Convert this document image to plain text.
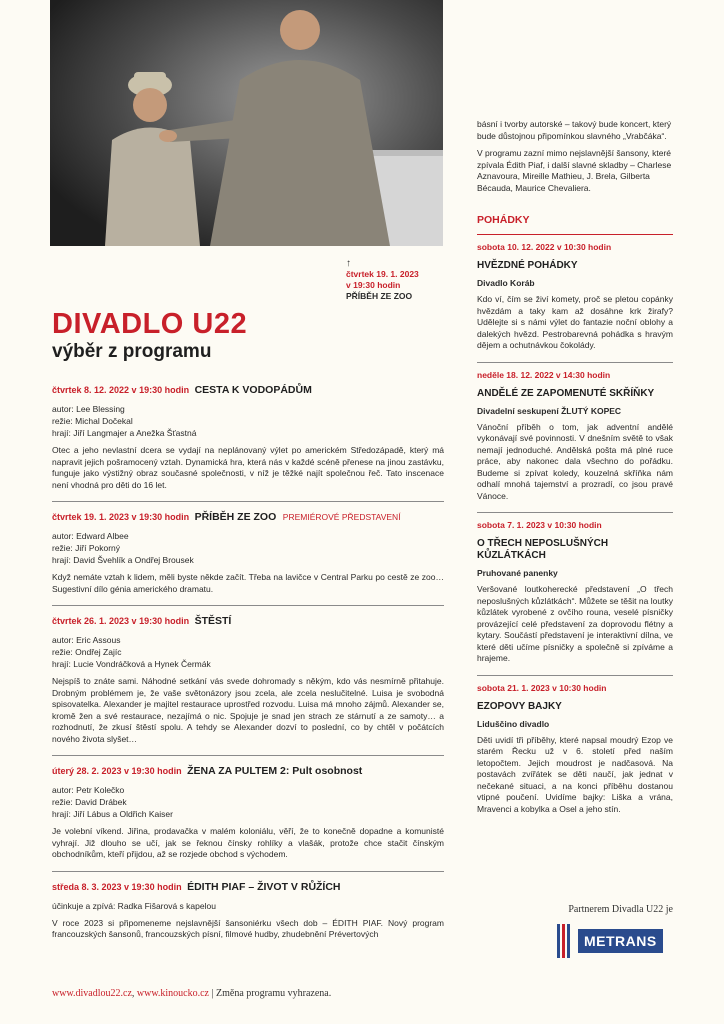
↑
čtvrtek 19. 1. 2023
v 19:30 hodin
PŘÍBĚH ZE ZOO
DIVADLO U22
výběr z programu
čtvrtek 8. 12. 2022 v 19:30 hodin CESTA K VODOPÁDŮM
autor: Lee Blessing
režie: Michal Dočekal
hrají: Jiří Langmajer a Anežka Šťastná
Otec a jeho nevlastní dcera se vydají na neplánovaný výlet po americkém Středozápadě, který má napravit jejich pošramocený vztah. Dynamická hra, která nás v každé scéně přenese na jinou zastávku, funguje jako výstižný obraz současné společnosti, v níž je těžké najít společnou řeč. Tato inscenace není vhodná pro děti do 16 let.
čtvrtek 19. 1. 2023 v 19:30 hodin PŘÍBĚH ZE ZOO PREMIÉROVÉ PŘEDSTAVENÍ
autor: Edward Albee
režie: Jiří Pokorný
hrají: David Švehlík a Ondřej Brousek
Když nemáte vztah k lidem, měli byste někde začít. Třeba na lavičce v Central Parku po cestě ze zoo… Sugestivní dílo génia amerického dramatu.
čtvrtek 26. 1. 2023 v 19:30 hodin ŠTĚSTÍ
autor: Eric Assous
režie: Ondřej Zajíc
hrají: Lucie Vondráčková a Hynek Čermák
Nejspíš to znáte sami. Náhodné setkání vás svede dohromady s někým, kdo vás nesmírně přitahuje. Drobným problémem je, že vaše světonázory jsou zcela, ale zcela neslučitelné. Luisa je svobodná spisovatelka. Alexander je majitel restaurace uprostřed rozvodu. Luisa má mnoho zájmů. Alexander se, kromě žen a své restaurace, nezajímá o nic. Spojuje je snad jen strach ze stárnutí a ze samoty… a rozhodnutí, že zkusí štěstí spolu. A tehdy se Alexander dozví to poslední, co by chtěl v počátcích nového života slyšet…
úterý 28. 2. 2023 v 19:30 hodin ŽENA ZA PULTEM 2: Pult osobnost
autor: Petr Kolečko
režie: David Drábek
hrají: Jiří Lábus a Oldřich Kaiser
Je volební víkend. Jiřina, prodavačka v malém koloniálu, věří, že to konečně dopadne a komunisté vyhrají. Již dlouho se učí, jak se řeknou čínsky rohlíky a vlašák, protože chce stačit čínským obchodníkům, kteří přijdou, až se rozjede obchod s východem.
středa 8. 3. 2023 v 19:30 hodin ÉDITH PIAF – ŽIVOT V RŮŽÍCH
účinkuje a zpívá: Radka Fišarová s kapelou
V roce 2023 si připomeneme nejslavnější šansoniérku všech dob – ÉDITH PIAF. Nový program francouzských šansonů, francouzských písní, filmové hudby, zhudebnění Prévertových
básní i tvorby autorské – takový bude koncert, který bude důstojnou připomínkou slavného „Vrabčáka“.
V programu zazní mimo nejslavnější šansony, které zpívala Édith Piaf, i další slavné skladby – Charlese Aznavoura, Mireille Mathieu, J. Brela, Gilberta Bécauda, Maurice Chevaliera.
POHÁDKY
sobota 10. 12. 2022 v 10:30 hodin
HVĚZDNÉ POHÁDKY
Divadlo Koráb
Kdo ví, čím se živí komety, proč se pletou copánky hvězdám a taky kam až dosáhne krk žirafy? Udělejte si s námi výlet do fantazie noční oblohy a dalekých hvězd. Pestrobarevná pohádka s hravým dějem a ochutnávkou čokolády.
neděle 18. 12. 2022 v 14:30 hodin
ANDĚLÉ ZE ZAPOMENUTÉ SKŘÍŇKY
Divadelní seskupení ŽLUTÝ KOPEC
Vánoční příběh o tom, jak adventní andělé vykonávají své povinnosti. V dnešním světě to však nemají jednoduché. Andělská pošta má plné ruce práce, aby nakonec dala všechno do pořádku. Budeme si zpívat koledy, kouzelná skříňka nám odhalí mnohá tajemství a prozradí, co jsou pravé Vánoce.
sobota 7. 1. 2023 v 10:30 hodin
O TŘECH NEPOSLUŠNÝCH KŮZLÁTKÁCH
Pruhované panenky
Veršované loutkoherecké představení „O třech neposlušných kůzlátkách“. Můžete se těšit na loutky kůzlátek vyrobené z ovčího rouna, veselé písničky provázející celé představení za doprovodu flétny a kytary. Součástí představení je interaktivní dílna, ve které děti učíme písničky a společně si zpíváme a hrajeme.
sobota 21. 1. 2023 v 10:30 hodin
EZOPOVY BAJKY
Liduščino divadlo
Děti uvidí tři příběhy, které napsal moudrý Ezop ve starém Řecku už v 6. století před naším letopočtem. Jejich moudrost je nadčasová. Na postavách zvířátek se děti naučí, jak jednat v nečekané situaci, a na konci příběhu dostanou vtipné poučení. Uvidíme bajky: Liška a vrána, Mravenci a kobylka a Osel a jeho stín.
Partnerem Divadla U22 je
METRANS
www.divadlou22.cz, www.kinoucko.cz | Změna programu vyhrazena.
